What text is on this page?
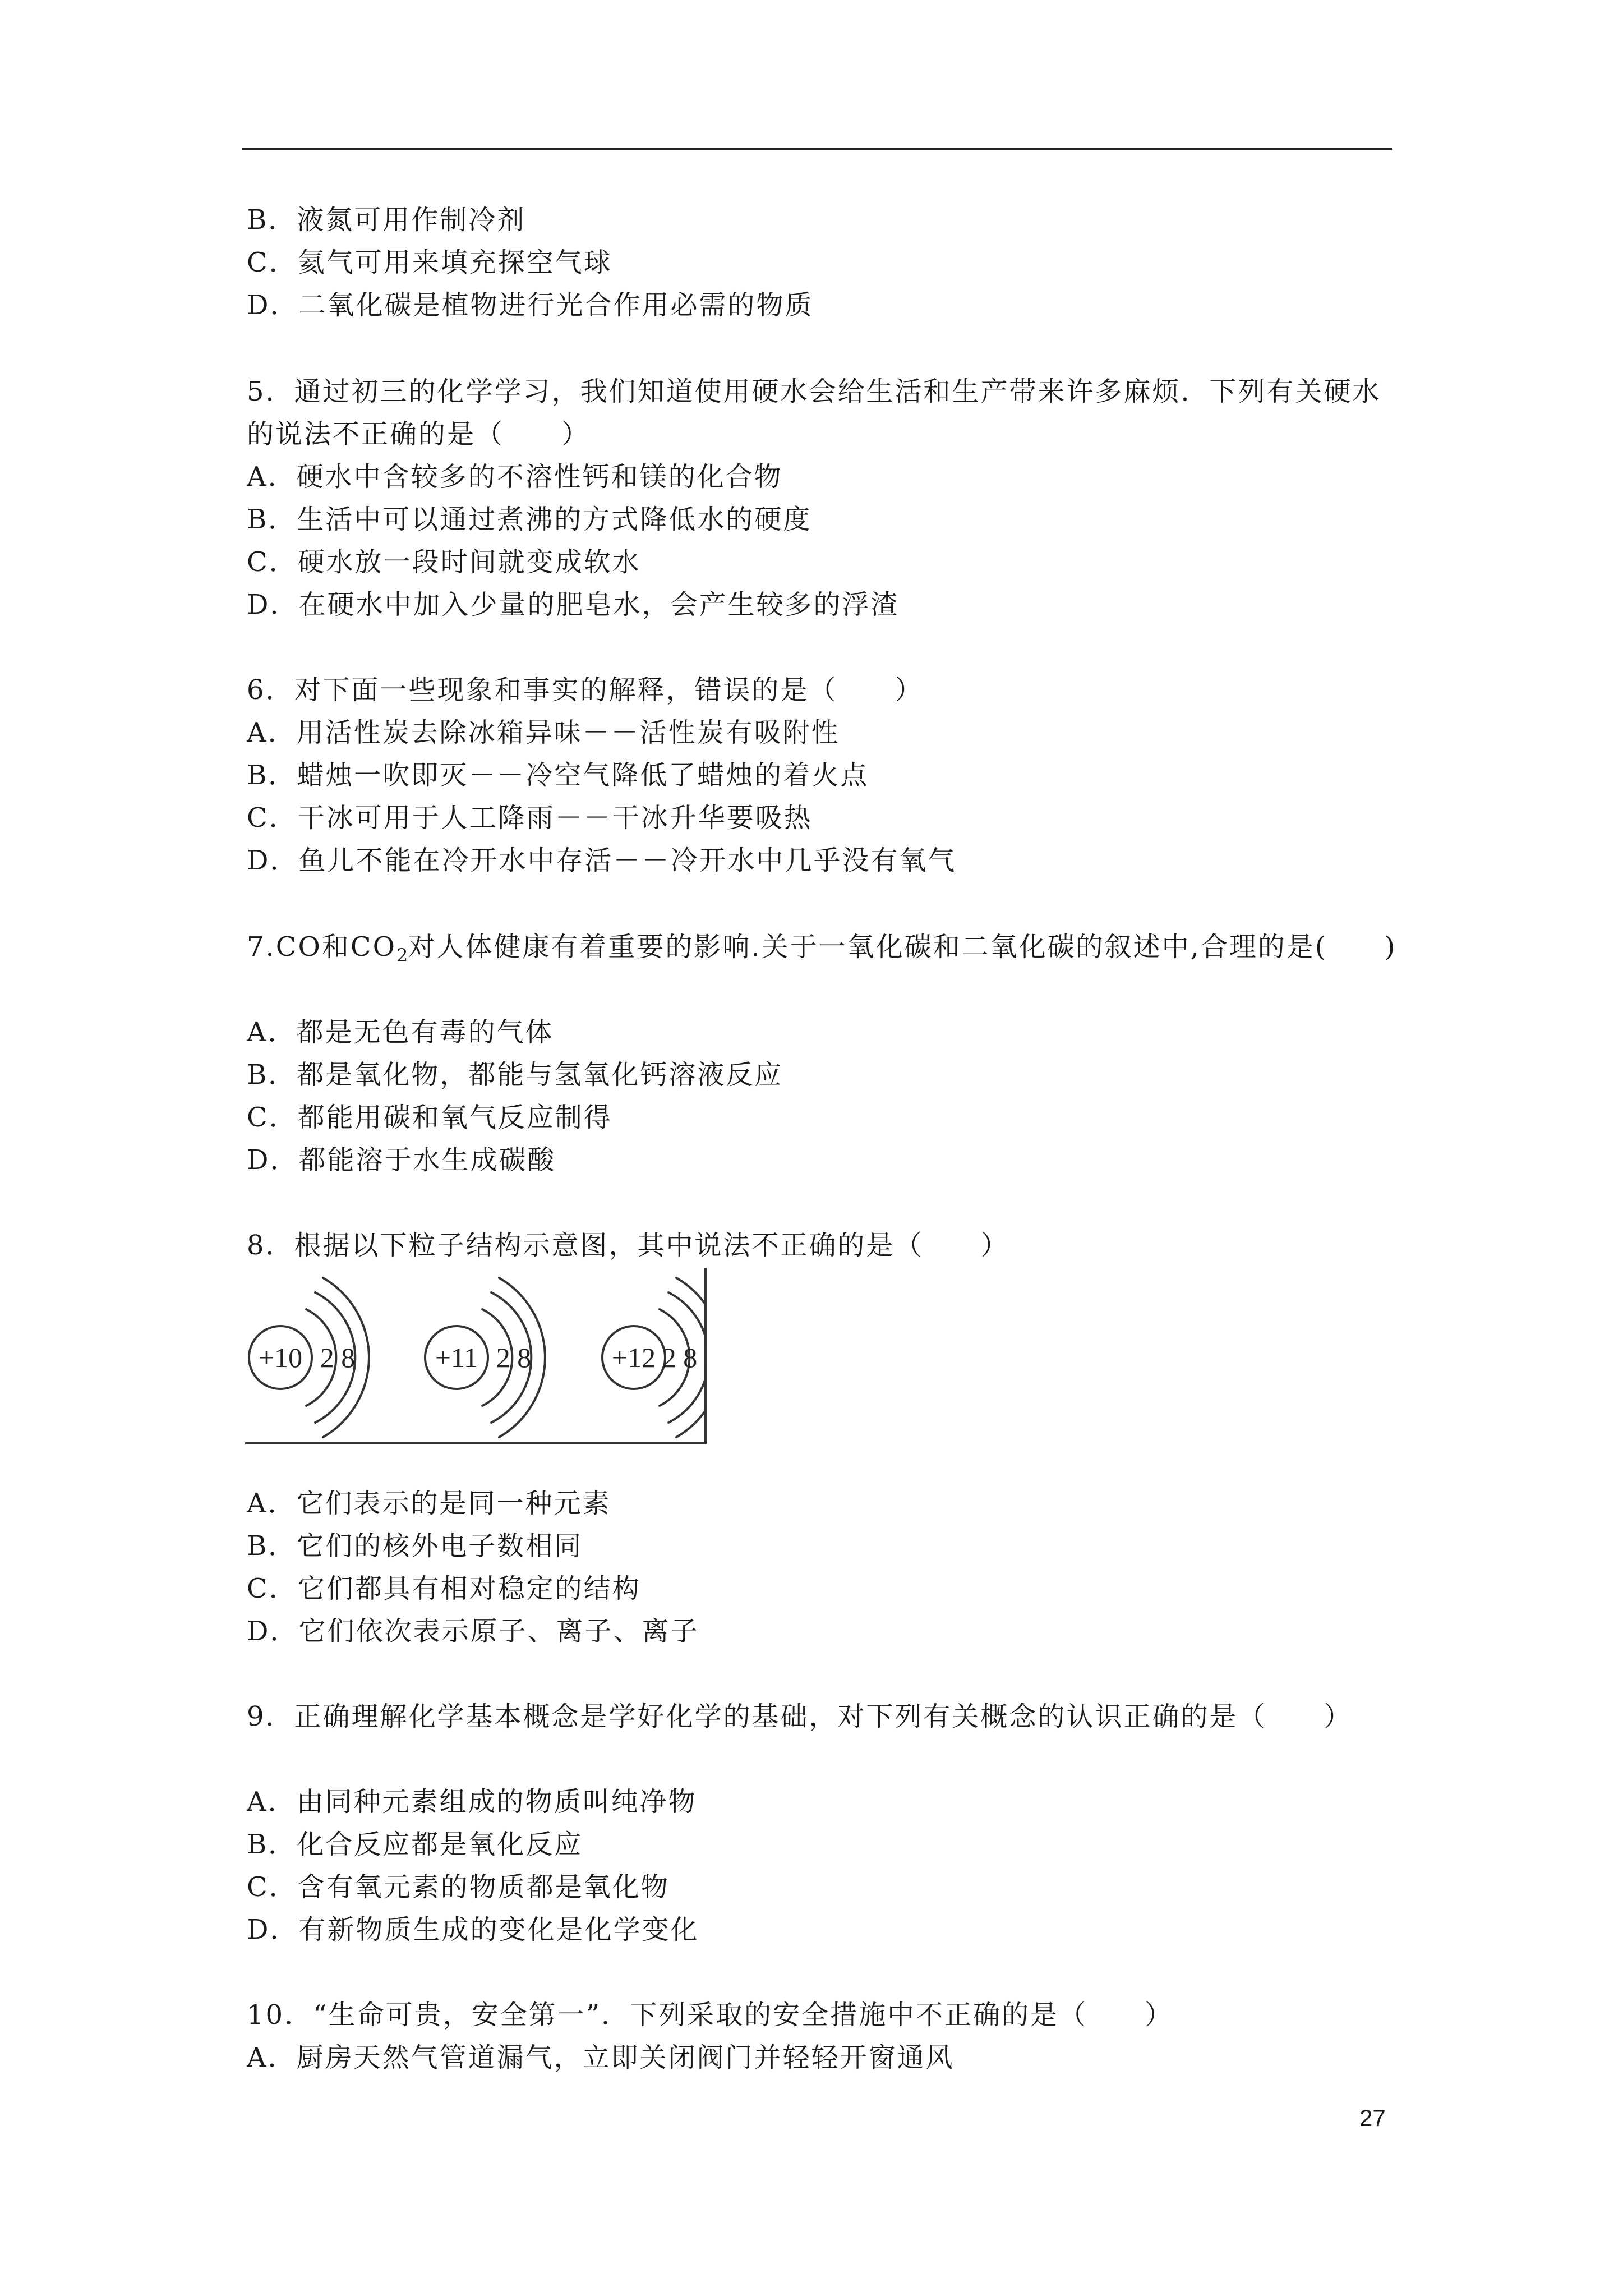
B．液氮可用作制冷剂
C．氦气可用来填充探空气球
D．二氧化碳是植物进行光合作用必需的物质
5．通过初三的化学学习，我们知道使用硬水会给生活和生产带来许多麻烦．下列有关硬水
的说法不正确的是（　　）
A．硬水中含较多的不溶性钙和镁的化合物
B．生活中可以通过煮沸的方式降低水的硬度
C．硬水放一段时间就变成软水
D．在硬水中加入少量的肥皂水，会产生较多的浮渣
6．对下面一些现象和事实的解释，错误的是（　　）
A．用活性炭去除冰箱异味－－活性炭有吸附性
B．蜡烛一吹即灭－－冷空气降低了蜡烛的着火点
C．干冰可用于人工降雨－－干冰升华要吸热
D．鱼儿不能在冷开水中存活－－冷开水中几乎没有氧气
7.CO和$CO_2$对人体健康有着重要的影响.关于一氧化碳和二氧化碳的叙述中,合理的是(　　)
A．都是无色有毒的气体
B．都是氧化物，都能与氢氧化钙溶液反应
C．都能用碳和氧气反应制得
D．都能溶于水生成碳酸
8．根据以下粒子结构示意图，其中说法不正确的是（　　）
+10 2 8	+11 2 8	+12 2 8
A．它们表示的是同一种元素
B．它们的核外电子数相同
C．它们都具有相对稳定的结构
D．它们依次表示原子、离子、离子
9．正确理解化学基本概念是学好化学的基础，对下列有关概念的认识正确的是（　　）
A．由同种元素组成的物质叫纯净物
B．化合反应都是氧化反应
C．含有氧元素的物质都是氧化物
D．有新物质生成的变化是化学变化
10．“生命可贵，安全第一”．下列采取的安全措施中不正确的是（　　）
A．厨房天然气管道漏气，立即关闭阀门并轻轻开窗通风
27
